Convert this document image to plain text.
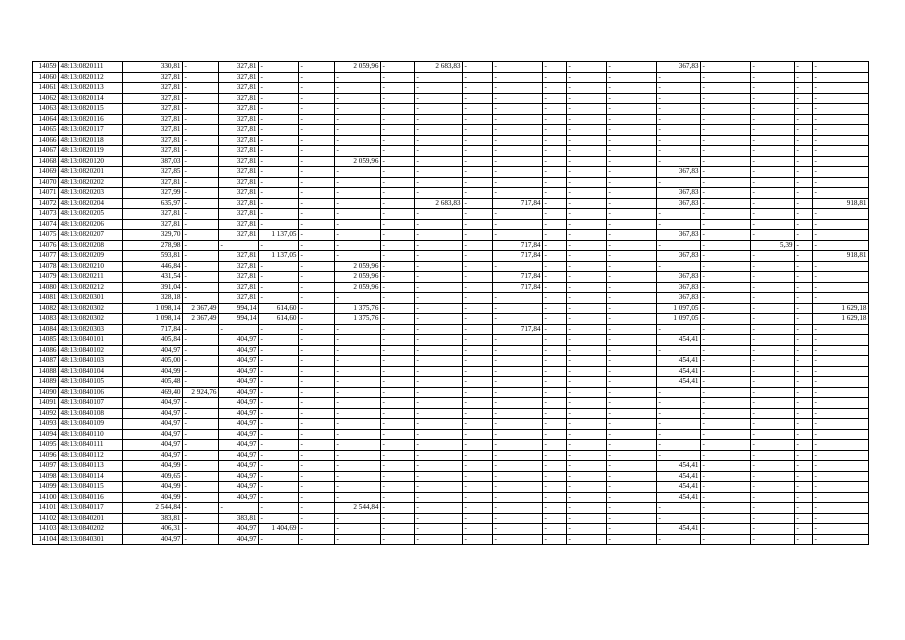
14059	48:13:0820111	330,81	-	327,81	-	-	2 059,96	-	2 683,83	-	-	-	-	-	367,83	-	-	-	-
14060	48:13:0820112	327,81	-	327,81	-	-	-	-	-	-	-	-	-	-	-	-	-	-	-
14061	48:13:0820113	327,81	-	327,81	-	-	-	-	-	-	-	-	-	-	-	-	-	-	-
14062	48:13:0820114	327,81	-	327,81	-	-	-	-	-	-	-	-	-	-	-	-	-	-	-
14063	48:13:0820115	327,81	-	327,81	-	-	-	-	-	-	-	-	-	-	-	-	-	-	-
14064	48:13:0820116	327,81	-	327,81	-	-	-	-	-	-	-	-	-	-	-	-	-	-	-
14065	48:13:0820117	327,81	-	327,81	-	-	-	-	-	-	-	-	-	-	-	-	-	-	-
14066	48:13:0820118	327,81	-	327,81	-	-	-	-	-	-	-	-	-	-	-	-	-	-	-
14067	48:13:0820119	327,81	-	327,81	-	-	-	-	-	-	-	-	-	-	-	-	-	-	-
14068	48:13:0820120	387,03	-	327,81	-	-	2 059,96	-	-	-	-	-	-	-	-	-	-	-	-
14069	48:13:0820201	327,85	-	327,81	-	-	-	-	-	-	-	-	-	-	367,83	-	-	-	-
14070	48:13:0820202	327,81	-	327,81	-	-	-	-	-	-	-	-	-	-	-	-	-	-	-
14071	48:13:0820203	327,99	-	327,81	-	-	-	-	-	-	-	-	-	-	367,83	-	-	-	-
14072	48:13:0820204	635,97	-	327,81	-	-	-	-	2 683,83	-	717,84	-	-	-	367,83	-	-	-	918,81
14073	48:13:0820205	327,81	-	327,81	-	-	-	-	-	-	-	-	-	-	-	-	-	-	-
14074	48:13:0820206	327,81	-	327,81	-	-	-	-	-	-	-	-	-	-	-	-	-	-	-
14075	48:13:0820207	329,70	-	327,81	1 137,05	-	-	-	-	-	-	-	-	-	367,83	-	-	-	-
14076	48:13:0820208	278,98	-	-	-	-	-	-	-	-	717,84	-	-	-	-	-	5,39	-	-
14077	48:13:0820209	593,81	-	327,81	1 137,05	-	-	-	-	-	717,84	-	-	-	367,83	-	-	-	918,81
14078	48:13:0820210	446,84	-	327,81	-	-	2 059,96	-	-	-	-	-	-	-	-	-	-	-	-
14079	48:13:0820211	431,54	-	327,81	-	-	2 059,96	-	-	-	717,84	-	-	-	367,83	-	-	-	-
14080	48:13:0820212	391,04	-	327,81	-	-	2 059,96	-	-	-	717,84	-	-	-	367,83	-	-	-	-
14081	48:13:0820301	328,18	-	327,81	-	-	-	-	-	-	-	-	-	-	367,83	-	-	-	-
14082	48:13:0820302	1 098,14	2 367,49	994,14	614,60	-	1 375,76	-	-	-	-	-	-	-	1 097,05	-	-	-	1 629,18
14083	48:13:0820302	1 098,14	2 367,49	994,14	614,60	-	1 375,76	-	-	-	-	-	-	-	1 097,05	-	-	-	1 629,18
14084	48:13:0820303	717,84	-	-	-	-	-	-	-	-	717,84	-	-	-	-	-	-	-	-
14085	48:13:0840101	405,84	-	404,97	-	-	-	-	-	-	-	-	-	-	454,41	-	-	-	-
14086	48:13:0840102	404,97	-	404,97	-	-	-	-	-	-	-	-	-	-	-	-	-	-	-
14087	48:13:0840103	405,00	-	404,97	-	-	-	-	-	-	-	-	-	-	454,41	-	-	-	-
14088	48:13:0840104	404,99	-	404,97	-	-	-	-	-	-	-	-	-	-	454,41	-	-	-	-
14089	48:13:0840105	405,48	-	404,97	-	-	-	-	-	-	-	-	-	-	454,41	-	-	-	-
14090	48:13:0840106	469,40	2 924,76	404,97	-	-	-	-	-	-	-	-	-	-	-	-	-	-	-
14091	48:13:0840107	404,97	-	404,97	-	-	-	-	-	-	-	-	-	-	-	-	-	-	-
14092	48:13:0840108	404,97	-	404,97	-	-	-	-	-	-	-	-	-	-	-	-	-	-	-
14093	48:13:0840109	404,97	-	404,97	-	-	-	-	-	-	-	-	-	-	-	-	-	-	-
14094	48:13:0840110	404,97	-	404,97	-	-	-	-	-	-	-	-	-	-	-	-	-	-	-
14095	48:13:0840111	404,97	-	404,97	-	-	-	-	-	-	-	-	-	-	-	-	-	-	-
14096	48:13:0840112	404,97	-	404,97	-	-	-	-	-	-	-	-	-	-	-	-	-	-	-
14097	48:13:0840113	404,99	-	404,97	-	-	-	-	-	-	-	-	-	-	454,41	-	-	-	-
14098	48:13:0840114	409,65	-	404,97	-	-	-	-	-	-	-	-	-	-	454,41	-	-	-	-
14099	48:13:0840115	404,99	-	404,97	-	-	-	-	-	-	-	-	-	-	454,41	-	-	-	-
14100	48:13:0840116	404,99	-	404,97	-	-	-	-	-	-	-	-	-	-	454,41	-	-	-	-
14101	48:13:0840117	2 544,84	-	-	-	-	2 544,84	-	-	-	-	-	-	-	-	-	-	-	-
14102	48:13:0840201	383,81	-	383,81	-	-	-	-	-	-	-	-	-	-	-	-	-	-	-
14103	48:13:0840202	406,31	-	404,97	1 404,69	-	-	-	-	-	-	-	-	-	454,41	-	-	-	-
14104	48:13:0840301	404,97	-	404,97	-	-	-	-	-	-	-	-	-	-	-	-	-	-	-
